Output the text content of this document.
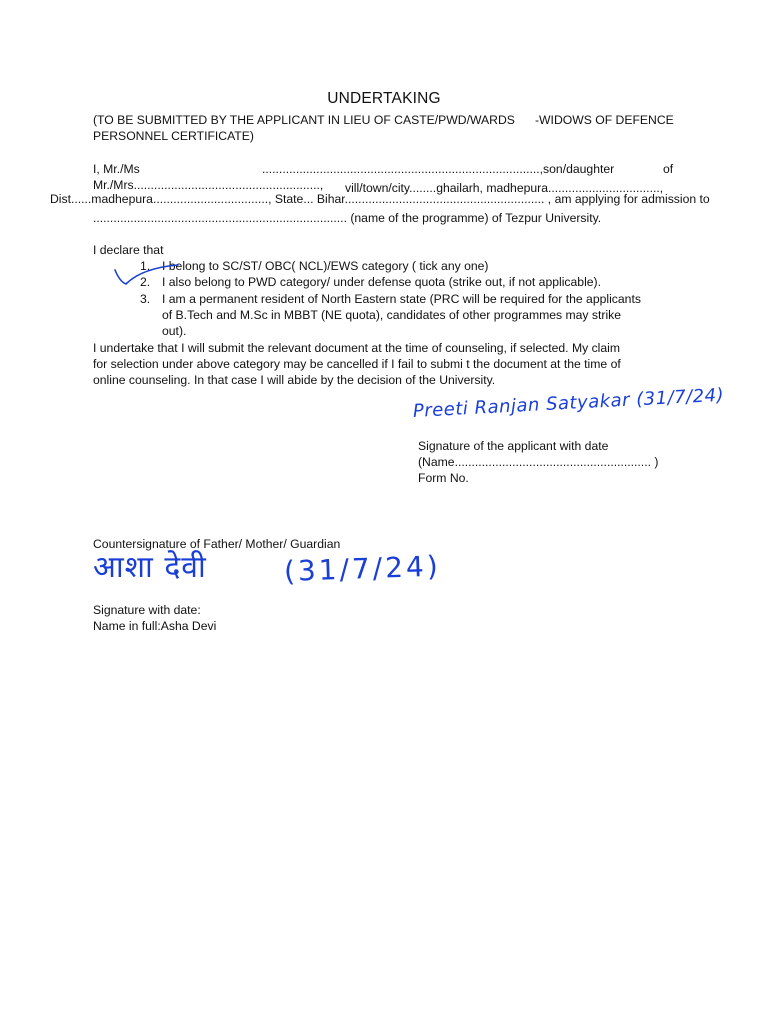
UNDERTAKING
(TO BE SUBMITTED BY THE APPLICANT IN LIEU OF CASTE/PWD/WARDS -WIDOWS OF DEFENCE
PERSONNEL CERTIFICATE)
I, Mr./Ms	..................................................................................,son/daughter	of
Mr./Mrs......................................................., vill/town/city........ghailarh, madhepura.................................,
Dist......madhepura.................................., State... Bihar........................................................... , am applying for admission to
........................................................................... (name of the programme) of Tezpur University.
I declare that
1. I belong to SC/ST/ OBC( NCL)/EWS category ( tick any one)
2. I also belong to PWD category/ under defense quota (strike out, if not applicable).
3. I am a permanent resident of North Eastern state (PRC will be required for the applicants
of B.Tech and M.Sc in MBBT (NE quota), candidates of other programmes may strike
out).
I undertake that I will submit the relevant document at the time of counseling, if selected. My claim
for selection under above category may be cancelled if I fail to submi t the document at the time of
online counseling. In that case I will abide by the decision of the University.
Preeti Ranjan Satyakar (31/7/24)
Signature of the applicant with date
(Name.......................................................... )
Form No.
Countersignature of Father/ Mother/ Guardian
आशा देवी	(31/7/24)
Signature with date:
Name in full:Asha Devi
